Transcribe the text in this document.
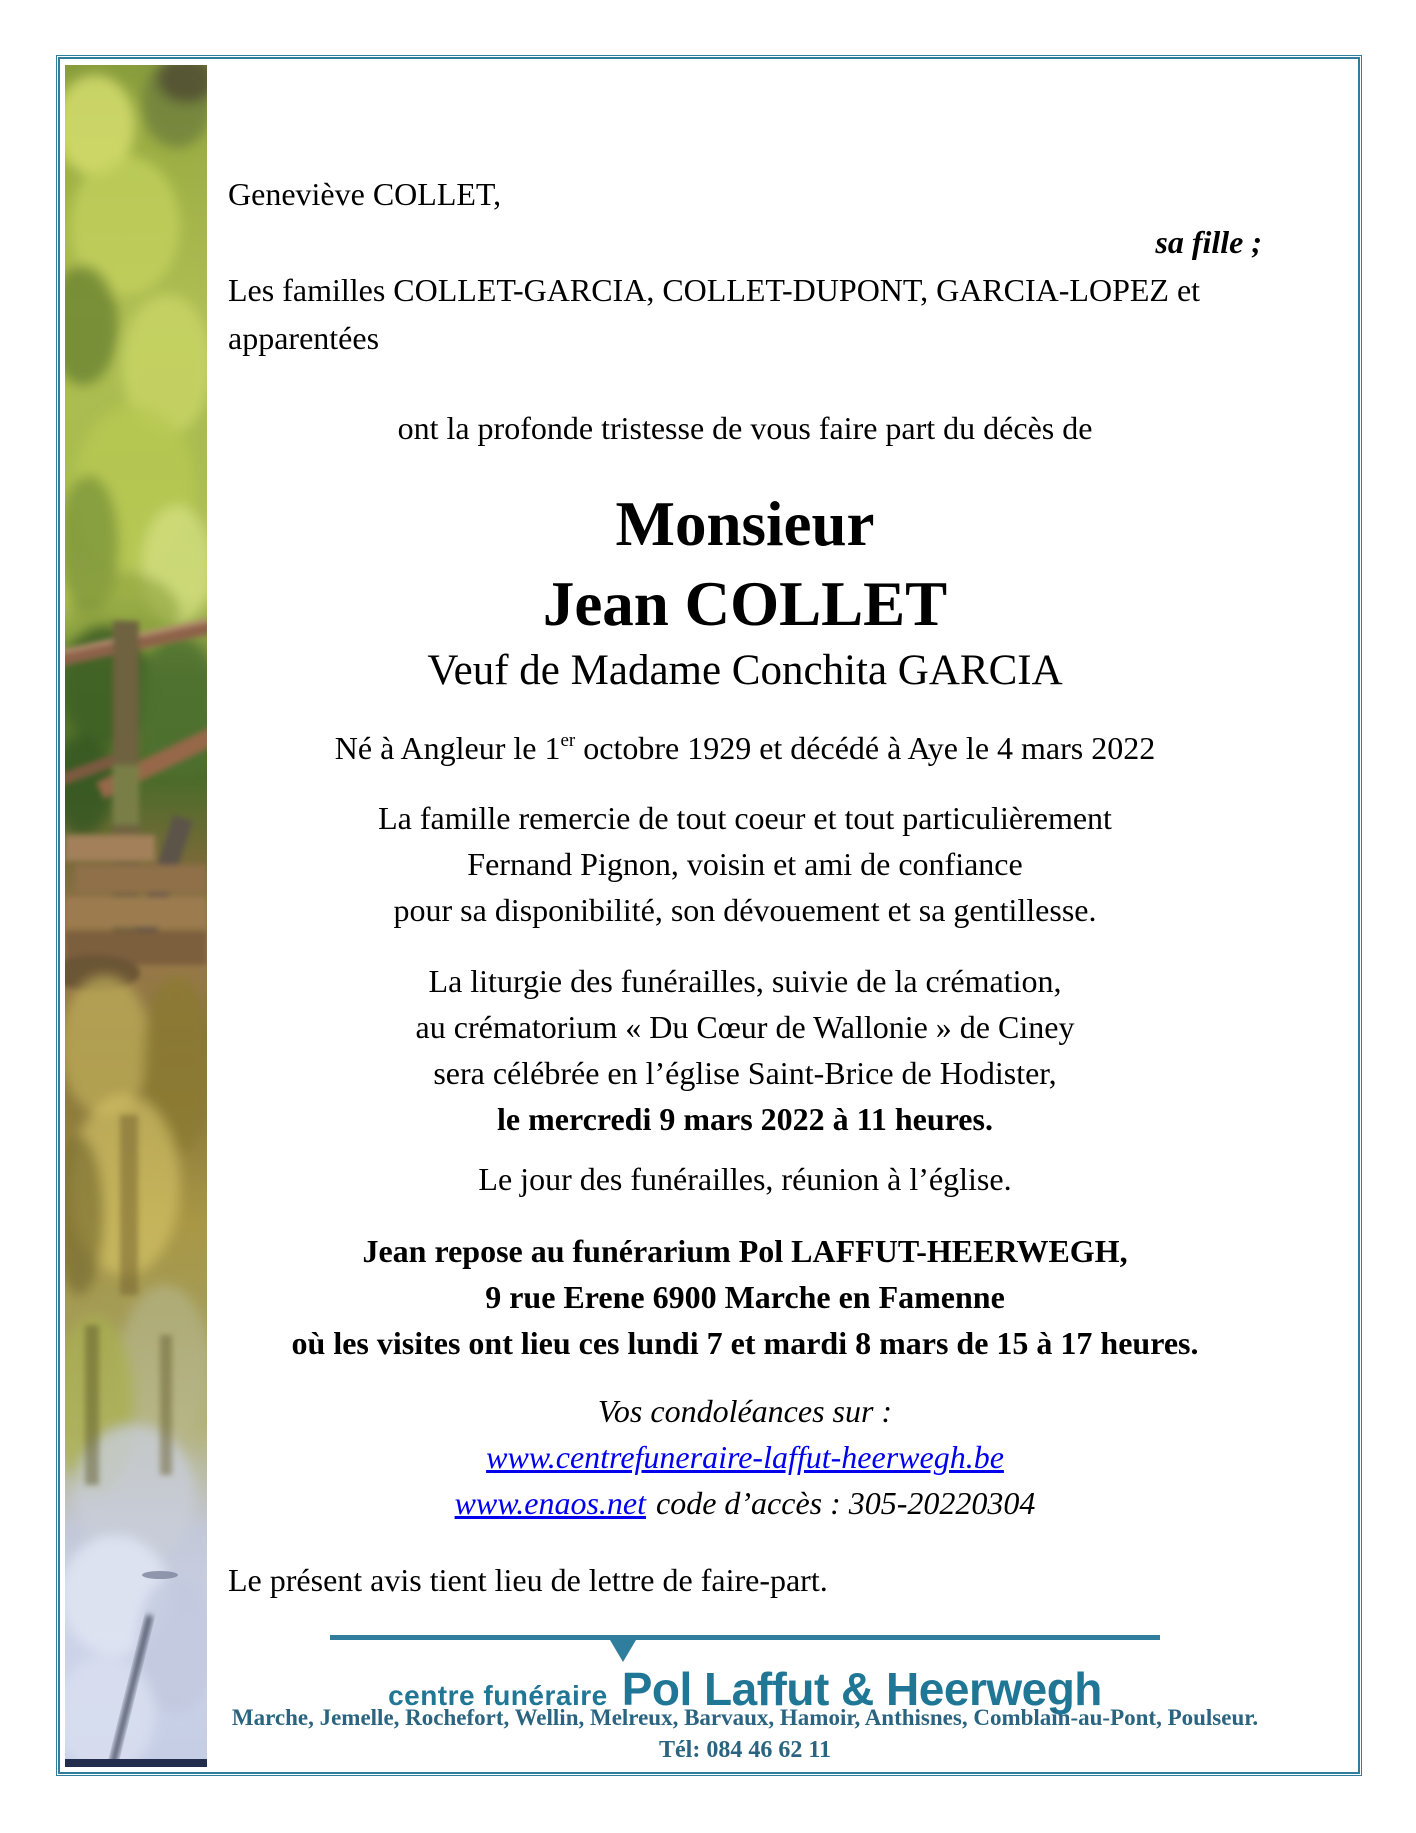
Geneviève COLLET,
sa fille ;
Les familles COLLET-GARCIA, COLLET-DUPONT, GARCIA-LOPEZ et
apparentées
ont la profonde tristesse de vous faire part du décès de
Monsieur
Jean COLLET
Veuf de Madame Conchita GARCIA
Né à Angleur le 1er octobre 1929 et décédé à Aye le 4 mars 2022
La famille remercie de tout coeur et tout particulièrement
Fernand Pignon, voisin et ami de confiance
pour sa disponibilité, son dévouement et sa gentillesse.
La liturgie des funérailles, suivie de la crémation,
au crématorium « Du Cœur de Wallonie » de Ciney
sera célébrée en l’église Saint-Brice de Hodister,
le mercredi 9 mars 2022 à 11 heures.
Le jour des funérailles, réunion à l’église.
Jean repose au funérarium Pol LAFFUT-HEERWEGH,
9 rue Erene 6900 Marche en Famenne
où les visites ont lieu ces lundi 7 et mardi 8 mars de 15 à 17 heures.
Vos condoléances sur :
www.centrefuneraire-laffut-heerwegh.be
www.enaos.net code d’accès : 305-20220304
Le présent avis tient lieu de lettre de faire-part.
centre funéraire Pol Laffut & Heerwegh
Marche, Jemelle, Rochefort, Wellin, Melreux, Barvaux, Hamoir, Anthisnes, Comblain-au-Pont, Poulseur.
Tél: 084 46 62 11
